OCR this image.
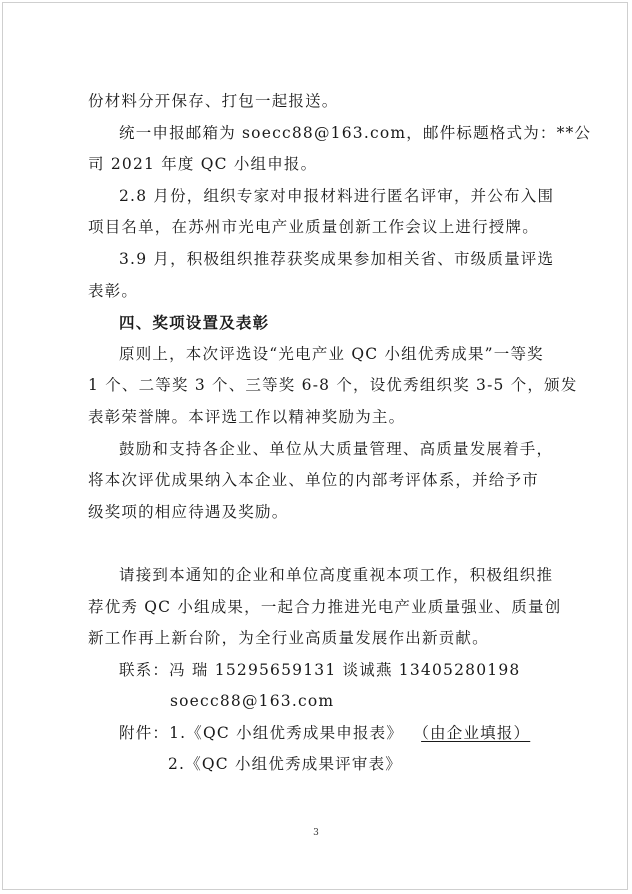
份材料分开保存、打包一起报送。
统一申报邮箱为 soecc88@163.com，邮件标题格式为：**公
司 2021 年度 QC 小组申报。
2.8 月份，组织专家对申报材料进行匿名评审，并公布入围
项目名单，在苏州市光电产业质量创新工作会议上进行授牌。
3.9 月，积极组织推荐获奖成果参加相关省、市级质量评选
表彰。
四、奖项设置及表彰
原则上，本次评选设“光电产业 QC 小组优秀成果”一等奖
1 个、二等奖 3 个、三等奖 6-8 个，设优秀组织奖 3-5 个，颁发
表彰荣誉牌。本评选工作以精神奖励为主。
鼓励和支持各企业、单位从大质量管理、高质量发展着手，
将本次评优成果纳入本企业、单位的内部考评体系，并给予市
级奖项的相应待遇及奖励。
请接到本通知的企业和单位高度重视本项工作，积极组织推
荐优秀 QC 小组成果，一起合力推进光电产业质量强业、质量创
新工作再上新台阶，为全行业高质量发展作出新贡献。
联系：冯 瑞 15295659131 谈诚燕 13405280198
soecc88@163.com
附件：1.《QC 小组优秀成果申报表》 （由企业填报）
2.《QC 小组优秀成果评审表》
3
